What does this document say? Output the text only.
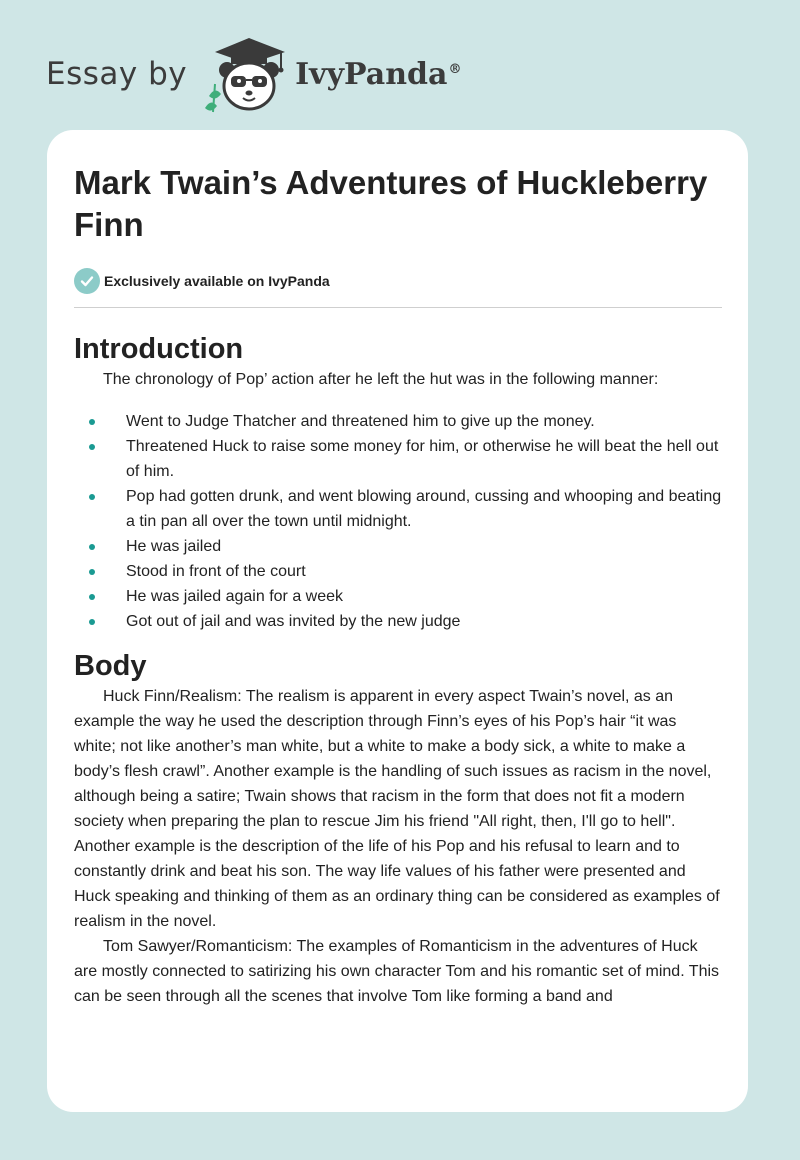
Essay by	IvyPanda®
Mark Twain’s Adventures of Huckleberry Finn
Exclusively available on IvyPanda
Introduction

The chronology of Pop’ action after he left the hut was in the following manner:

Went to Judge Thatcher and threatened him to give up the money.
Threatened Huck to raise some money for him, or otherwise he will beat the hell out of him.
Pop had gotten drunk, and went blowing around, cussing and whooping and beating a tin pan all over the town until midnight.
He was jailed
Stood in front of the court
He was jailed again for a week
Got out of jail and was invited by the new judge
Body

Huck Finn/Realism: The realism is apparent in every aspect Twain’s novel, as an example the way he used the description through Finn’s eyes of his Pop’s hair “it was white; not like another’s man white, but a white to make a body sick, a white to make a body’s flesh crawl”. Another example is the handling of such issues as racism in the novel, although being a satire; Twain shows that racism in the form that does not fit a modern society when preparing the plan to rescue Jim his friend "All right, then, I'll go to hell". Another example is the description of the life of his Pop and his refusal to learn and to constantly drink and beat his son. The way life values of his father were presented and Huck speaking and thinking of them as an ordinary thing can be considered as examples of realism in the novel.

Tom Sawyer/Romanticism: The examples of Romanticism in the adventures of Huck are mostly connected to satirizing his own character Tom and his romantic set of mind. This can be seen through all the scenes that involve Tom like forming a band and
